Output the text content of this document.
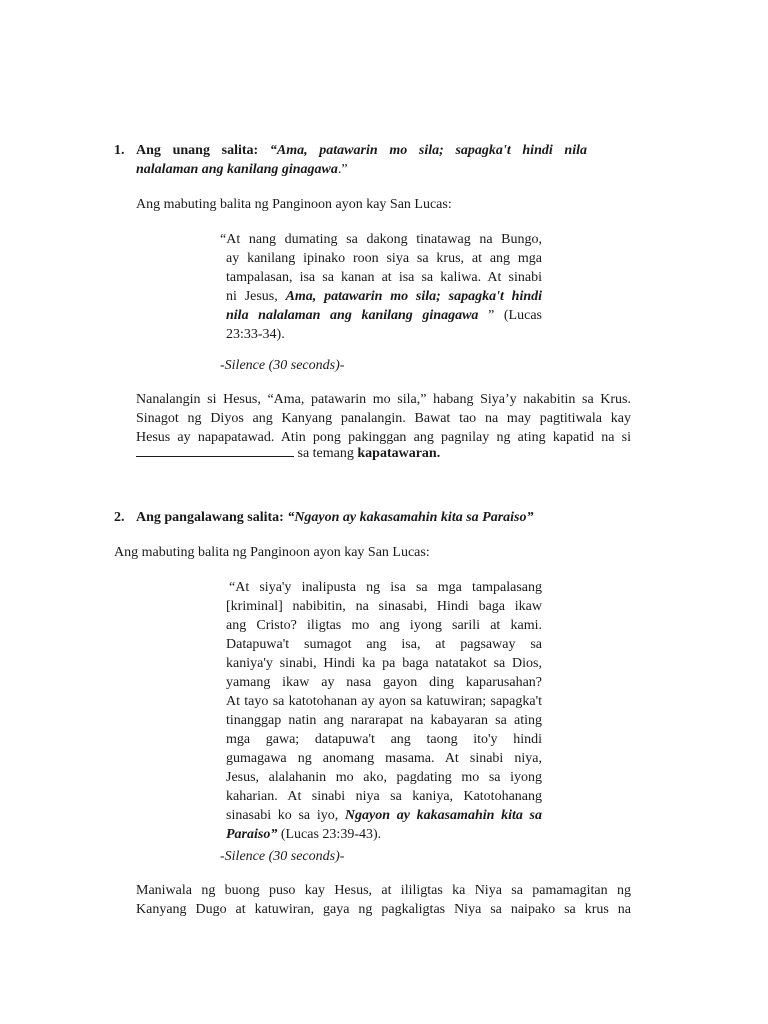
1. Ang unang salita: “Ama, patawarin mo sila; sapagka't hindi nila
nalalaman ang kanilang ginagawa.”
Ang mabuting balita ng Panginoon ayon kay San Lucas:
“At nang dumating sa dakong tinatawag na Bungo,
ay kanilang ipinako roon siya sa krus, at ang mga
tampalasan, isa sa kanan at isa sa kaliwa. At sinabi
ni Jesus, Ama, patawarin mo sila; sapagka't hindi
nila nalalaman ang kanilang ginagawa ” (Lucas
23:33-34).
-Silence (30 seconds)-
Nanalangin si Hesus, “Ama, patawarin mo sila,” habang Siya’y nakabitin sa Krus.
Sinagot ng Diyos ang Kanyang panalangin. Bawat tao na may pagtitiwala kay
Hesus ay napapatawad. Atin pong pakinggan ang pagnilay ng ating kapatid na si
sa temang kapatawaran.
2. Ang pangalawang salita: “Ngayon ay kakasamahin kita sa Paraiso”
Ang mabuting balita ng Panginoon ayon kay San Lucas:
“At siya'y inalipusta ng isa sa mga tampalasang
[kriminal] nabibitin, na sinasabi, Hindi baga ikaw
ang Cristo? iligtas mo ang iyong sarili at kami.
Datapuwa't sumagot ang isa, at pagsaway sa
kaniya'y sinabi, Hindi ka pa baga natatakot sa Dios,
yamang ikaw ay nasa gayon ding kaparusahan?
At tayo sa katotohanan ay ayon sa katuwiran; sapagka't
tinanggap natin ang nararapat na kabayaran sa ating
mga gawa; datapuwa't ang taong ito'y hindi
gumagawa ng anomang masama. At sinabi niya,
Jesus, alalahanin mo ako, pagdating mo sa iyong
kaharian. At sinabi niya sa kaniya, Katotohanang
sinasabi ko sa iyo, Ngayon ay kakasamahin kita sa
Paraiso” (Lucas 23:39-43).
-Silence (30 seconds)-
Maniwala ng buong puso kay Hesus, at ililigtas ka Niya sa pamamagitan ng
Kanyang Dugo at katuwiran, gaya ng pagkaligtas Niya sa naipako sa krus na
